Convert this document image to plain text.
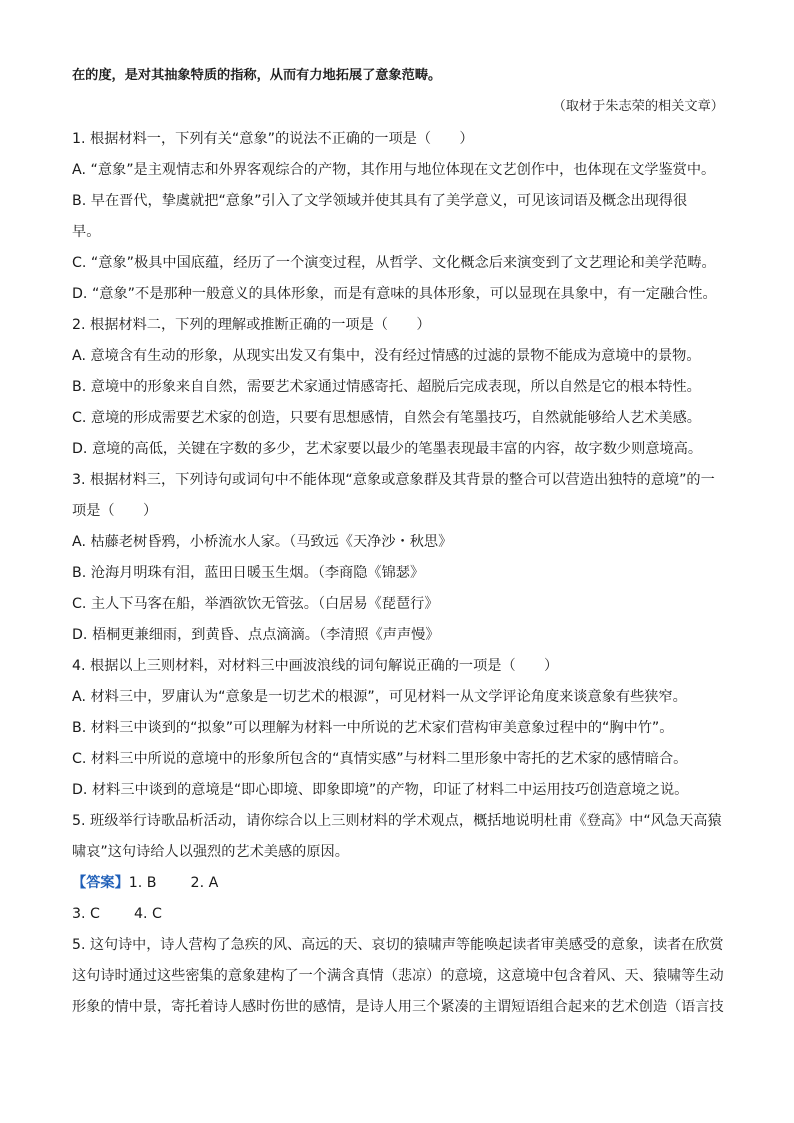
在的度，是对其抽象特质的指称，从而有力地拓展了意象范畴。
（取材于朱志荣的相关文章）
1. 根据材料一，下列有关“意象”的说法不正确的一项是（　　）
A. “意象”是主观情志和外界客观综合的产物，其作用与地位体现在文艺创作中，也体现在文学鉴赏中。
B. 早在晋代，挚虞就把“意象”引入了文学领域并使其具有了美学意义，可见该词语及概念出现得很
早。
C. “意象”极具中国底蕴，经历了一个演变过程，从哲学、文化概念后来演变到了文艺理论和美学范畴。
D. “意象”不是那种一般意义的具体形象，而是有意味的具体形象，可以显现在具象中，有一定融合性。
2. 根据材料二，下列的理解或推断正确的一项是（　　）
A. 意境含有生动的形象，从现实出发又有集中，没有经过情感的过滤的景物不能成为意境中的景物。
B. 意境中的形象来自自然，需要艺术家通过情感寄托、超脱后完成表现，所以自然是它的根本特性。
C. 意境的形成需要艺术家的创造，只要有思想感情，自然会有笔墨技巧，自然就能够给人艺术美感。
D. 意境的高低，关键在字数的多少，艺术家要以最少的笔墨表现最丰富的内容，故字数少则意境高。
3. 根据材料三，下列诗句或词句中不能体现“意象或意象群及其背景的整合可以营造出独特的意境”的一
项是（　　）
A. 枯藤老树昏鸦，小桥流水人家。（马致远《天净沙・秋思》
B. 沧海月明珠有泪，蓝田日暖玉生烟。（李商隐《锦瑟》
C. 主人下马客在船，举酒欲饮无管弦。（白居易《琵琶行》
D. 梧桐更兼细雨，到黄昏、点点滴滴。（李清照《声声慢》
4. 根据以上三则材料，对材料三中画波浪线的词句解说正确的一项是（　　）
A. 材料三中，罗庸认为“意象是一切艺术的根源”，可见材料一从文学评论角度来谈意象有些狭窄。
B. 材料三中谈到的“拟象”可以理解为材料一中所说的艺术家们营构审美意象过程中的“胸中竹”。
C. 材料三中所说的意境中的形象所包含的“真情实感”与材料二里形象中寄托的艺术家的感情暗合。
D. 材料三中谈到的意境是“即心即境、即象即境”的产物，印证了材料二中运用技巧创造意境之说。
5. 班级举行诗歌品析活动，请你综合以上三则材料的学术观点，概括地说明杜甫《登高》中“风急天高猿
啸哀”这句诗给人以强烈的艺术美感的原因。
【答案】1. B 2. A
3. C 4. C
5. 这句诗中，诗人营构了急疾的风、高远的天、哀切的猿啸声等能唤起读者审美感受的意象，读者在欣赏
这句诗时通过这些密集的意象建构了一个满含真情（悲凉）的意境，这意境中包含着风、天、猿啸等生动
形象的情中景，寄托着诗人感时伤世的感情，是诗人用三个紧凑的主谓短语组合起来的艺术创造（语言技
